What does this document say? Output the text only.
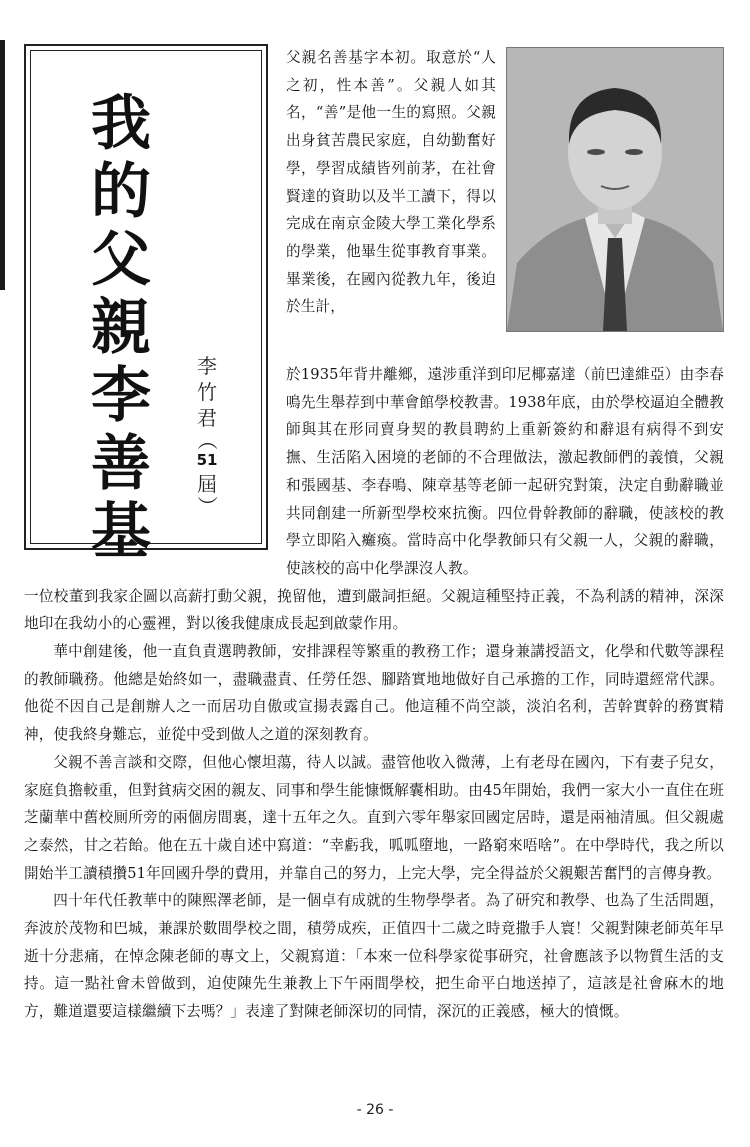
我
的
父
親
李
善
基
李
竹
君
（
51
屆
）

父親名善基字本初。取意於“人之初，性本善”。父親人如其名，“善”是他一生的寫照。父親出身貧苦農民家庭，自幼勤奮好學，學習成績皆列前茅，在社會賢達的資助以及半工讀下，得以完成在南京金陵大學工業化學系的學業，他畢生從事教育事業。畢業後，在國內從教九年，後迫於生計，

於1935年背井離鄉，遠涉重洋到印尼椰嘉達（前巴達維亞）由李春鳴先生舉荐到中華會館學校教書。1938年底，由於學校逼迫全體教師與其在形同賣身契的教員聘約上重新簽約和辭退有病得不到安撫、生活陷入困境的老師的不合理做法，激起教師們的義憤，父親和張國基、李春鳴、陳章基等老師一起研究對策，決定自動辭職並共同創建一所新型學校來抗衡。四位骨幹教師的辭職，使該校的教學立即陷入癱瘓。當時高中化學教師只有父親一人，父親的辭職，使該校的高中化學課沒人教。

一位校董到我家企圖以高薪打動父親，挽留他，遭到嚴詞拒絕。父親這種堅持正義，不為利誘的精神，深深地印在我幼小的心靈裡，對以後我健康成長起到啟蒙作用。

華中創建後，他一直負責選聘教師，安排課程等繁重的教務工作；還身兼講授語文，化學和代數等課程的教師職務。他總是始終如一，盡職盡責、任勞任怨、腳踏實地地做好自己承擔的工作，同時還經常代課。他從不因自己是創辦人之一而居功自傲或宣揚表露自己。他這種不尚空談，淡泊名利，苦幹實幹的務實精神，使我終身難忘，並從中受到做人之道的深刻教育。

父親不善言談和交際，但他心懷坦蕩，待人以誠。盡管他收入微薄，上有老母在國內，下有妻子兒女，家庭負擔較重，但對貧病交困的親友、同事和學生能慷慨解囊相助。由45年開始，我們一家大小一直住在班芝蘭華中舊校厠所旁的兩個房間裏，達十五年之久。直到六零年舉家回國定居時，還是兩袖清風。但父親處之泰然，甘之若飴。他在五十歲自述中寫道：“幸虧我，呱呱墮地，一路窮來唔啥”。在中學時代，我之所以開始半工讀積攢51年回國升學的費用，并靠自己的努力，上完大學，完全得益於父親艱苦奮鬥的言傳身教。

四十年代任教華中的陳熙澤老師，是一個卓有成就的生物學學者。為了研究和教學、也為了生活問題，奔波於茂物和巴城，兼課於數間學校之間，積勞成疾，正值四十二歲之時竟撒手人寰！父親對陳老師英年早逝十分悲痛，在悼念陳老師的專文上，父親寫道：「本來一位科學家從事研究，社會應該予以物質生活的支持。這一點社會未曾做到，迫使陳先生兼教上下午兩間學校，把生命平白地送掉了，這該是社會麻木的地方，難道還要這樣繼續下去嗎？」表達了對陳老師深切的同情，深沉的正義感，極大的憤慨。

- 26 -
